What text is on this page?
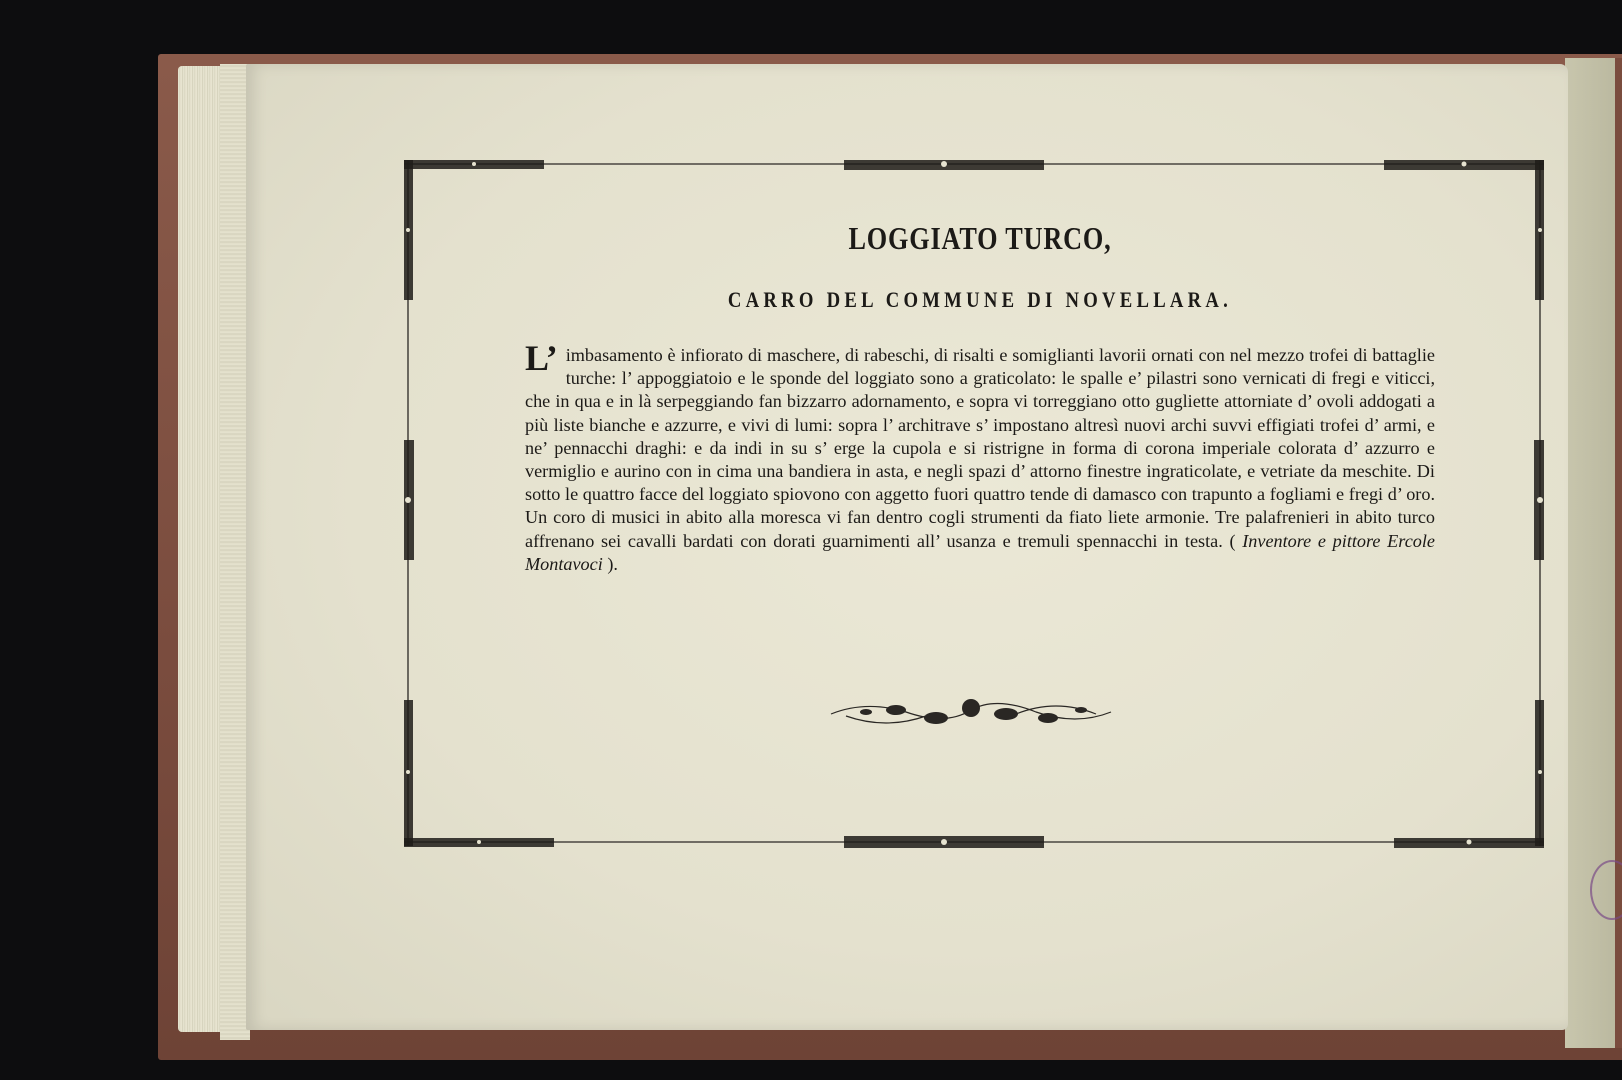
LOGGIATO TURCO,
CARRO DEL COMMUNE DI NOVELLARA.

L’ imbasamento è infiorato di maschere, di rabeschi, di risalti e somiglianti lavorii ornati con nel mezzo trofei di battaglie turche: l’ appoggiatoio e le sponde del loggiato sono a graticolato: le spalle e’ pilastri sono vernicati di fregi e viticci, che in qua e in là serpeggiando fan bizzarro adornamento, e sopra vi torreggiano otto gugliette attorniate d’ ovoli addogati a più liste bianche e azzurre, e vivi di lumi: sopra l’ architrave s’ impostano altresì nuovi archi suvvi effigiati trofei d’ armi, e ne’ pennacchi draghi: e da indi in su s’ erge la cupola e si ristrigne in forma di corona imperiale colorata d’ azzurro e vermiglio e aurino con in cima una bandiera in asta, e negli spazi d’ attorno finestre ingraticolate, e vetriate da meschite. Di sotto le quattro facce del loggiato spiovono con aggetto fuori quattro tende di damasco con trapunto a fogliami e fregi d’ oro. Un coro di musici in abito alla moresca vi fan dentro cogli strumenti da fiato liete armonie. Tre palafrenieri in abito turco affrenano sei cavalli bardati con dorati guarnimenti all’ usanza e tremuli spennacchi in testa. ( Inventore e pittore Ercole Montavoci ).
